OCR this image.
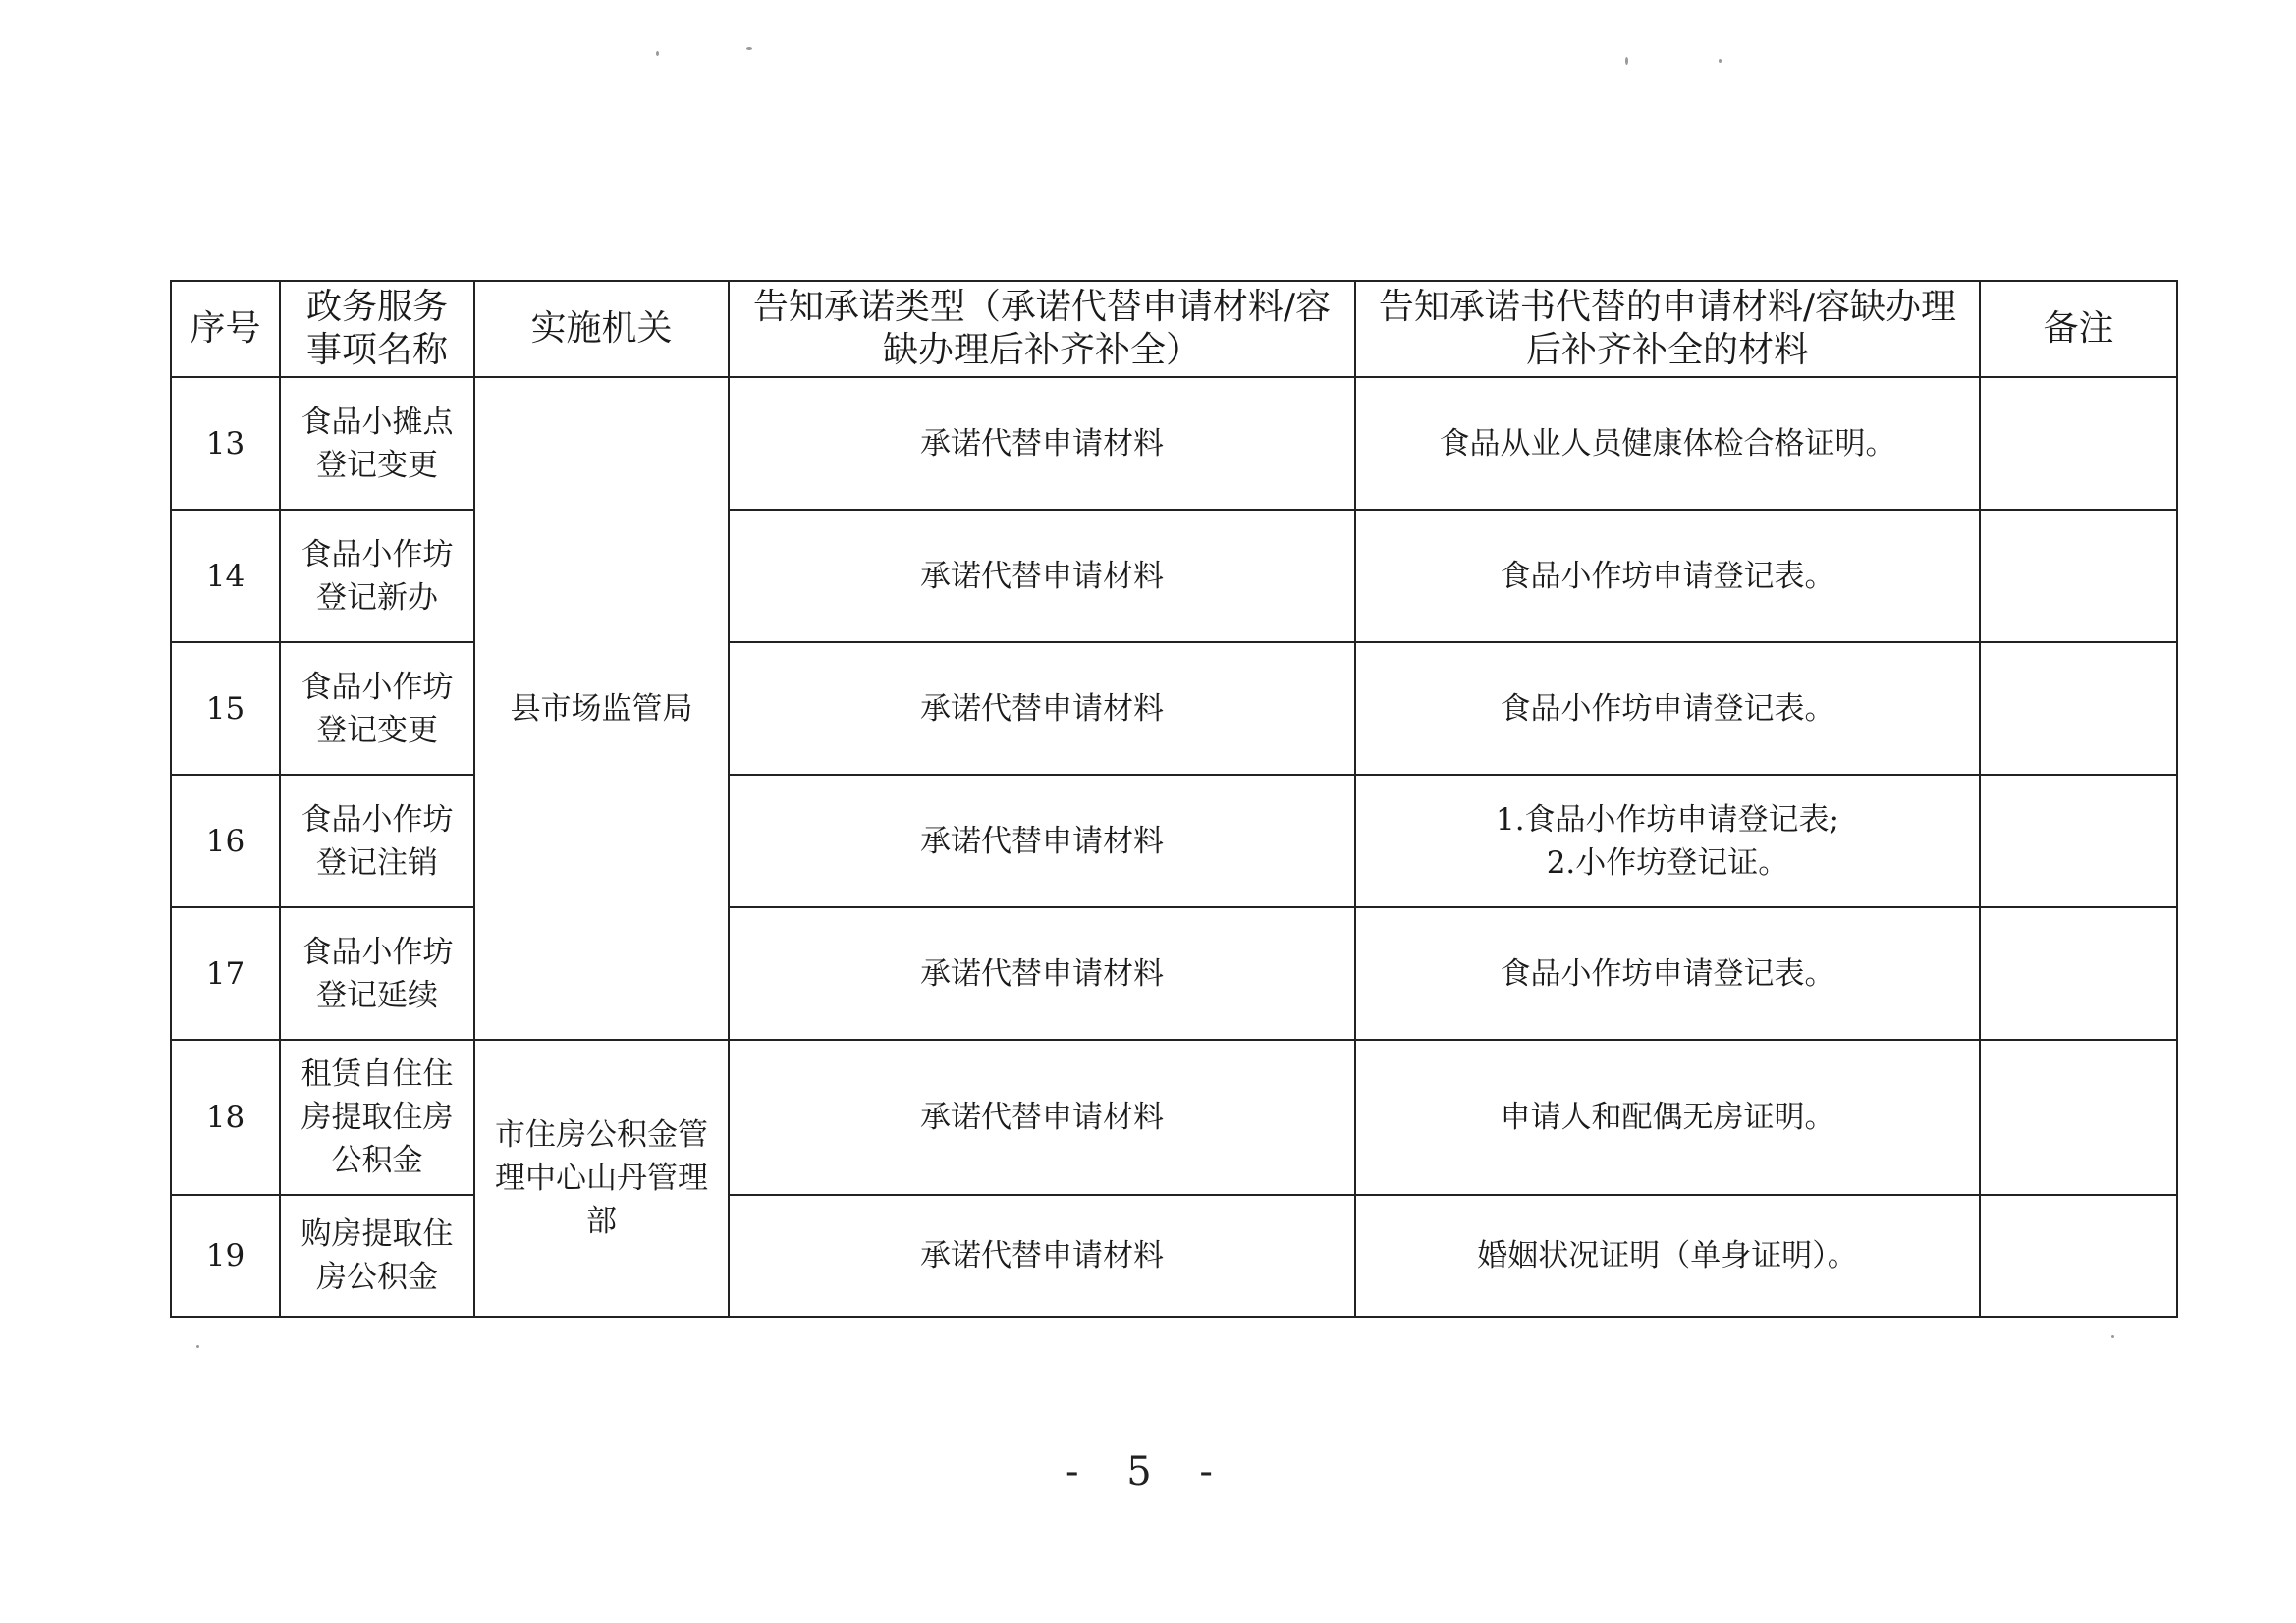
序号	政务服务事项名称	实施机关	告知承诺类型（承诺代替申请材料/容缺办理后补齐补全）	告知承诺书代替的申请材料/容缺办理后补齐补全的材料	备注
13	食品小摊点登记变更	县市场监管局	承诺代替申请材料	食品从业人员健康体检合格证明。	

14	食品小作坊登记新办		承诺代替申请材料	食品小作坊申请登记表。	

15	食品小作坊登记变更		承诺代替申请材料	食品小作坊申请登记表。	

16	食品小作坊登记注销		承诺代替申请材料	1.食品小作坊申请登记表;
2.小作坊登记证。	

17	食品小作坊登记延续		承诺代替申请材料	食品小作坊申请登记表。	

18	租赁自住住房提取住房公积金	市住房公积金管理中心山丹管理部	承诺代替申请材料	申请人和配偶无房证明。	

19	购房提取住房公积金		承诺代替申请材料	婚姻状况证明（单身证明）。	

- 5 -
